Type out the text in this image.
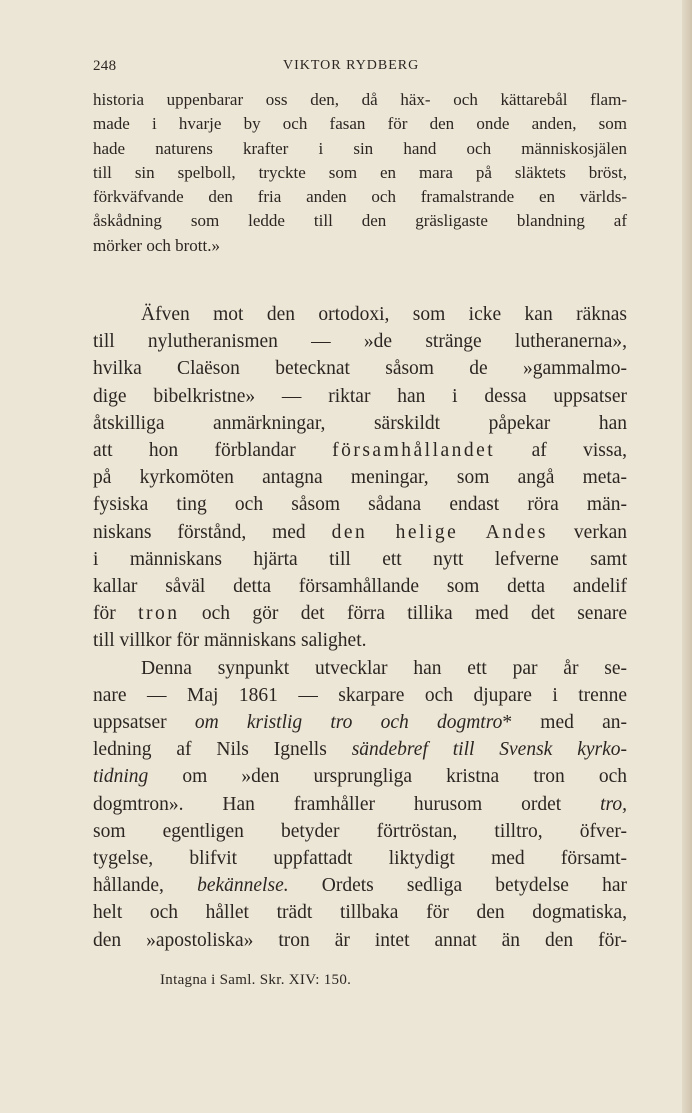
248	VIKTOR RYDBERG
historia uppenbarar oss den, då häx- och kättarebål flam-
made i hvarje by och fasan för den onde anden, som
hade naturens krafter i sin hand och människosjälen
till sin spelboll, tryckte som en mara på släktets bröst,
förkväfvande den fria anden och framalstrande en världs-
åskådning som ledde till den gräsligaste blandning af
mörker och brott.»
Äfven mot den ortodoxi, som icke kan räknas
till nylutheranismen — »de stränge lutheranerna»,
hvilka Claëson betecknat såsom de »gammalmo-
dige bibelkristne» — riktar han i dessa uppsatser
åtskilliga anmärkningar, särskildt påpekar han
att hon förblandar församhållandet af vissa,
på kyrkomöten antagna meningar, som angå meta-
fysiska ting och såsom sådana endast röra män-
niskans förstånd, med den helige Andes verkan
i människans hjärta till ett nytt lefverne samt
kallar såväl detta församhållande som detta andelif
för tron och gör det förra tillika med det senare
till villkor för människans salighet.
Denna synpunkt utvecklar han ett par år se-
nare — Maj 1861 — skarpare och djupare i trenne
uppsatser om kristlig tro och dogmtro* med an-
ledning af Nils Ignells sändebref till Svensk kyrko-
tidning om »den ursprungliga kristna tron och
dogmtron». Han framhåller hurusom ordet tro,
som egentligen betyder förtröstan, tilltro, öfver-
tygelse, blifvit uppfattadt liktydigt med församt-
hållande, bekännelse. Ordets sedliga betydelse har
helt och hållet trädt tillbaka för den dogmatiska,
den »apostoliska» tron är intet annat än den för-
Intagna i Saml. Skr. XIV: 150.
